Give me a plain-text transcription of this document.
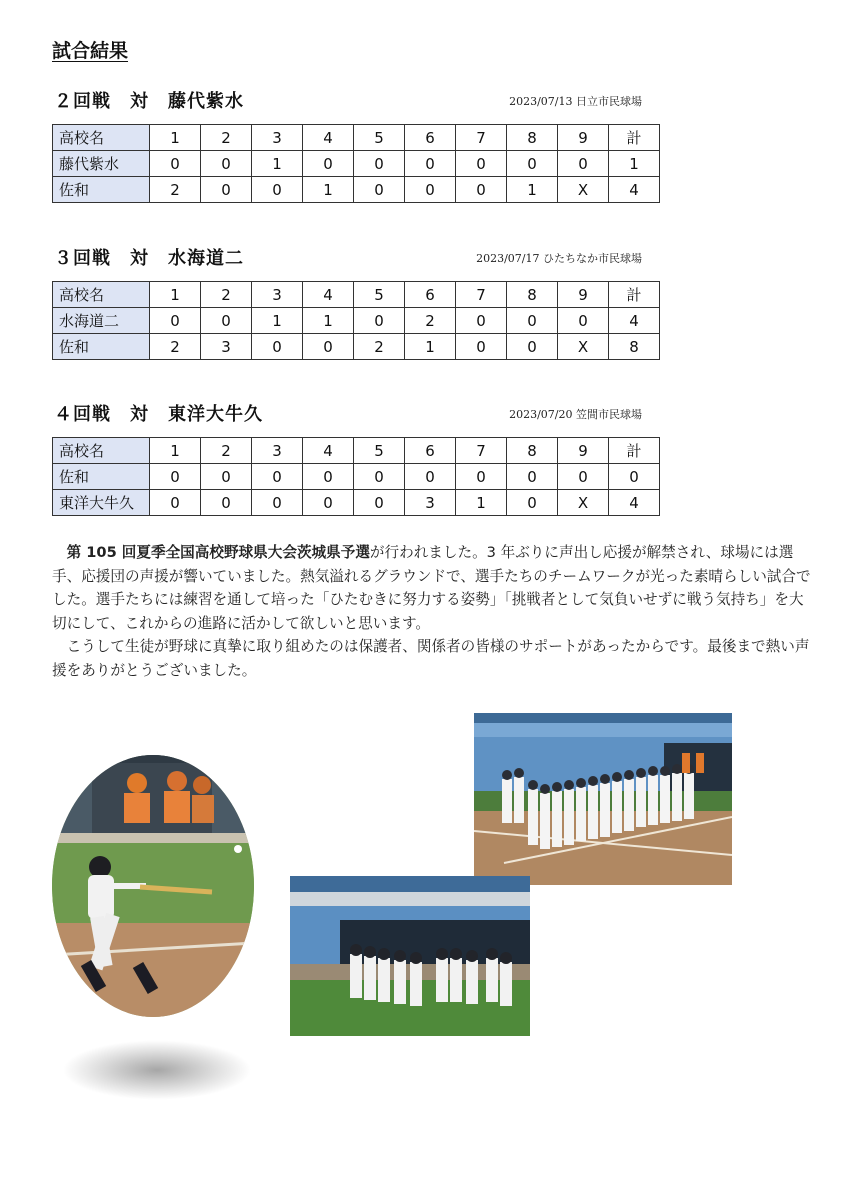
試合結果
２回戦　対　藤代紫水	2023/07/13 日立市民球場
高校名	1	2	3	4	5	6	7	8	9	計
藤代紫水	0	0	1	0	0	0	0	0	0	1
佐和	2	0	0	1	0	0	0	1	X	4
３回戦　対　水海道二	2023/07/17 ひたちなか市民球場
高校名	1	2	3	4	5	6	7	8	9	計
水海道二	0	0	1	1	0	2	0	0	0	4
佐和	2	3	0	0	2	1	0	0	X	8
４回戦　対　東洋大牛久	2023/07/20 笠間市民球場
高校名	1	2	3	4	5	6	7	8	9	計
佐和	0	0	0	0	0	0	0	0	0	0
東洋大牛久	0	0	0	0	0	3	1	0	X	4

第 105 回夏季全国高校野球県大会茨城県予選が行われました。3 年ぶりに声出し応援が解禁され、球場には選手、応援団の声援が響いていました。熱気溢れるグラウンドで、選手たちのチームワークが光った素晴らしい試合でした。選手たちには練習を通して培った「ひたむきに努力する姿勢」「挑戦者として気負いせずに戦う気持ち」を大切にして、これからの進路に活かして欲しいと思います。

こうして生徒が野球に真摯に取り組めたのは保護者、関係者の皆様のサポートがあったからです。最後まで熱い声援をありがとうございました。
